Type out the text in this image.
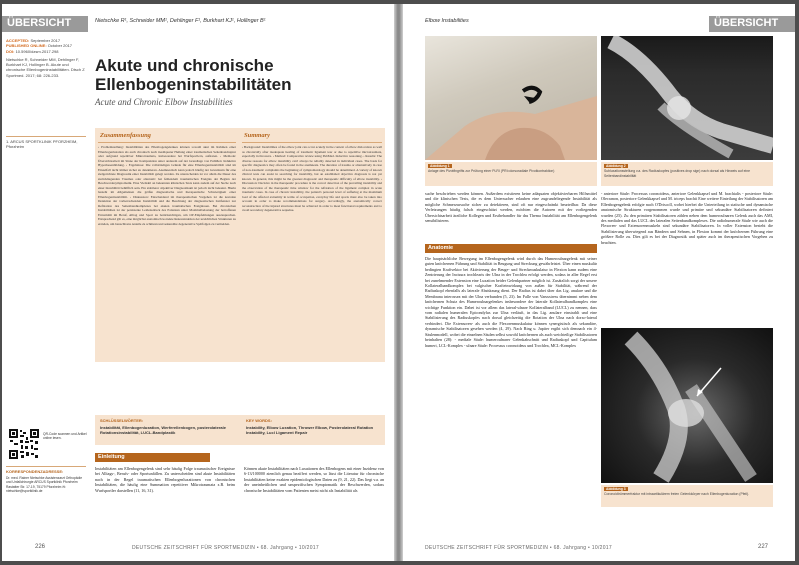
ÜBERSICHT
ACCEPTED: September 2017
PUBLISHED ONLINE: October 2017
DOI: 10.5960/dzsm.2017.298
Nietschke R, Schneider MM, Dehlinger F, Burkhart KJ, Hollinger B. Akute und chronische Ellenbogeninstabilitäten. Dtsch Z Sportmed. 2017; 68: 226-233.
1. ARCUS SPORTKLINIK PFORZHEIM, Pforzheim
Nietschke R¹, Schneider MM¹, Dehlinger F¹, Burkhart KJ¹, Hollinger B¹
Akute und chronische Ellenbogeninstabilitäten
Acute and Chronic Elbow Instabilities
Zusammenfassung	Summary
› Problemstellung: Instabilitäten des Ellenbogengelenkes können sowohl akut im Rahmen einer Ellenbogenluxation als auch chronisch nach inadäquater Heilung einer traumatischen Seitenbandruptur oder aufgrund repetitiver Mikrotraumata, insbesondere bei Wurfsportlern, auftreten. › Methode: Übersichtsarbeit im Sinne der Kompraktion unter anderem auf der Grundlage von PubMed. Induktive Hypothesenbildung. › Ergebnisse: Die vollständigen Gründe für eine Ellenbogeninstabilität sind im Einzelfall nicht immer sicher zu detektieren. Anamnestisch kann jedoch häufig der Grundstein für eine zielgerichtete Diagnostik einer Instabilität gelegt werden. Zu unterscheiden ist vor allem die Dauer des zurückliegenden Traumas oder alternativ bei fehlendem traumatischen Ereignis der Beginn der Beschwerdesymptomatik. Eine Vielzahl an bekannten klinischen Tests kann zudem auf der Suche nach einer Instabilität behilflich sein. Ein stabilerer objektiver Diagnostikum ist jedoch nicht bekannt. Hierin besteht im Allgemeinen die größte diagnostische und therapeutische Schwierigkeit einer Ellenbogeninstabilität. › Diskussion: Entscheidend im therapeutischen Vorgehen ist die korrekte Detektion der vorherrschenden Instabilität und die Beachtung der diagnostischen Zeitfenster zur Refixation des Seitenbandkomplexes bei akuten traumatischen Ereignissen. Bei chronischen Instabilitäten ist der persistente Leidensdruck des Patienten unter Maximalbelastung der betroffenen Extremität im Beruf, Alltag und Sport zu berücksichtigen, um OP-Empfehlungen auszusprechen. Entsprechend gilt es, eine möglichst anatomisch korrekte Rekonstruktion der ursächlichen Strukturen zu erzielen, um benachbarte Anteile zu schützen und sekundäre degenerative Spätfolgen zu vermeiden.
› Background: Instabilities of the elbow joint can occur acutely in the context of elbow dislocation as well as chronically after inadequate healing of traumatic ligament tear or due to repetitive microtraumata, especially in throwers. › Method: Comparative review using PubMed. Inductive reasoning. › Results: The diverse reasons for elbow instability can't always be reliably detected in individual cases. The basis for specific diagnostics may often be found in the anamnesis. The duration of trauma or alternatively in case of non-traumatic complaints the beginning of symptomatology should be determined. A variety of known clinical tests can assist in searching for instability, but an established objective diagnosis is not yet known. In general, this might be the greatest diagnostic and therapeutic difficulty of elbow instability. › Discussion: Decisive in the therapeutic procedure is the correct detection of the prevailing instability and the observation of the therapeutic time window for the refixation of the ligament complex in acute traumatic cases. In case of chronic instability, the patient's personal level of suffering at the maximum load of the affected extremity in terms of occupation, everyday life and sports must also be taken into account in order to make recommendations for surgery. Accordingly, the anatomically correct reconstruction of the injured structures must be achieved in order to meet functional requirements and to avoid secondary degenerative sequelae.
SCHLÜSSELWÖRTER:
Instabilität, Ellenbogenluxation, Werferellenbogen, posterolaterale Rotationsinstabilität, LUCL-Bandplastik
KEY WORDS:
Instability, Elbow Luxation, Thrower Elbow, Posterolateral Rotation Instability, Lucl Ligament Repair
QR-Code scannen und Artikel online lesen.
KORRESPONDENZADRESSE:
Dr. med. Rainer Nietschke Assistenzarzt Orthopädie und Unfallchirurgie ARCUS Sportklinik Pforzheim Rastatter Str. 17-19, 75179 Pforzheim ✉: nietschke@sportklinik.de
Einleitung
Instabilitäten am Ellenbogengelenk sind sehr häufig Folge traumatischer Ereignisse bei Alltags-, Berufs- oder Sportunfällen. Zu unterscheiden sind akute Instabilitäten nach in der Regel traumatischen Ellenbogenluxationen von chronischen Instabilitäten, die häufig eine Summation repetitiver Mikrotraumata z.B. beim Wurfsportler darstellen (11, 16, 31).
Können akute Instabilitäten nach Luxationen des Ellenbogens mit einer Inzidenz von 6-13/100000 ziemlich genau beziffert werden, so lässt die Literatur für chronische Instabilitäten keine exakten epidemiologischen Daten zu (9, 21, 22). Das liegt v.a. an der uneinheitlichen und unspezifischen Symptomatik der Beschwerden, sodass chronische Instabilitäten vom Patienten meist nicht als Instabilität als
226	DEUTSCHE ZEITSCHRIFT FÜR SPORTMEDIZIN • 68. Jahrgang • 10/2017
Elbow Instabilities	ÜBERSICHT
Abbildung 1
Anlage des Pivotfingrifts zur Prüfung einer PLRI (PRI=dorsoradiale Pivotkontraktion)
Abbildung 2
Subluxationsstellung v.a. des Radiuskopfes (positives drop sign) nach dorsal als Hinweis auf eine Seitenbandinstabilität
suche beschrieben werden können. Außerdem existieren keine adäquaten objektivierbaren Hilfsmittel und die klinischen Tests, die es dem Untersucher erlauben eine zugrundeliegende Instabilität als mögliche Schmerzursache sicher zu detektieren, sind oft nur eingeschränkt beurteilbar. Da diese Verletzungen häufig falsch eingeschätzt werden, möchten die Autoren mit der vorliegenden Übersichtsarbeit ärztliche Kollegen und Erstbehandler für das Thema Instabilität am Ellenbogengelenk sensibilisieren.
Anatomie
Die hauptsächliche Bewegung im Ellenbogengelenk wird durch das Humeroulnargelenk mit seiner guten knöchernen Führung und Stabilität in Beugung und Streckung gewährleistet. Über einen muskulär bedingten Kraftvektor bei Aktivierung der Beuge- und Streckmuskulatur in Flexion kann zudem eine Zentrierung der Incisura trochlearis der Ulna in der Trochlea erfolgt werden, sodass in aller Regel erst bei zunehmender Extension eine Luxation beider Gelenkpartner möglich ist. Zusätzlich sorgt der unsere Kollateralbandkomplex bei valgischer Krafteinwirkung von außen für Stabilität, während der Radiuskopf ebenfalls als laterale Abstützung dient. Der Radius ist dabei über das Lig. anulare und die Membrana interossea mit der Ulna verbunden (5, 23). Im Falle von Varusstress übernimmt neben dem knöchernen Schutz des Humeroulnargelenkes insbesondere der laterale Kollateralbandkomplex eine wichtige Funktion ein. Dabei ist vor allem das lateral-ulnare Kollateralband (LUCL) zu nennen, dass vom radialen humeralen Epicondylus zur Ulna verläuft, in das Lig. anulare einstrahlt und eine Stabilisierung des Radiuskopfes nach dorsal gleichzeitig die Rotation der Ulna nach dorso-lateral verhindert. Die Extensoren- als auch die Flexorenmuskulatur können synergistisch als sekundäre, dynamische Stabilisatoren gesehen werden (4, 29). Nach Ring u. Jupiter ergibt sich demnach ein 4-Säulenmodell, wobei die einzelnen Säulen selbst sowohl knöchernen als auch weichteilige Stabilisatoren beinhalten (28): - mediale Säule: humeroulnarer Gelenkabschnitt und Radiuskopf und Capitulum humeri, LCL-Komplex - ulnare Säule: Processus coronoideus und Trochlea, MCL-Komplex
- anteriore Säule: Processus coronoideus, anteriore Gelenkkapsel und M. brachialis - posteriore Säule: Olecranon, posteriore Gelenkkapsel und M. triceps brachii Eine weitere Einteilung der Stabilisatoren am Ellenbogengelenk erfolgte nach O'Driscoll, wobei hierbei die Unterteilung in statische und dynamische anatomische Strukturen vorgenommen wurde und primäre und sekundäre Stabilisatoren definiert wurden (25). Zu den primären Stabilisatoren zählen neben dem humeroulnaren Gelenk auch das AMI, des medialen und das LUCL des lateralen Seitenbandkomplexes. Die radiohumerale Säule wie auch die Flexoren- und Extensorenmuskeln sind sekundäre Stabilisatoren. In voller Extension besteht die Stabilisierung überwiegend aus Bändern und Sehnen, in Flexion kommt der knöchernen Führung eine größere Rolle zu. Dies gilt es bei der Diagnostik und später auch im therapeutischen Vorgehen zu beachten.
Abbildung 3
Coronoidtrümmerfraktur mit intraartikulärem freien Gelenkkörper nach Ellenbogenluxation (Pfeil).
DEUTSCHE ZEITSCHRIFT FÜR SPORTMEDIZIN • 68. Jahrgang • 10/2017	227
